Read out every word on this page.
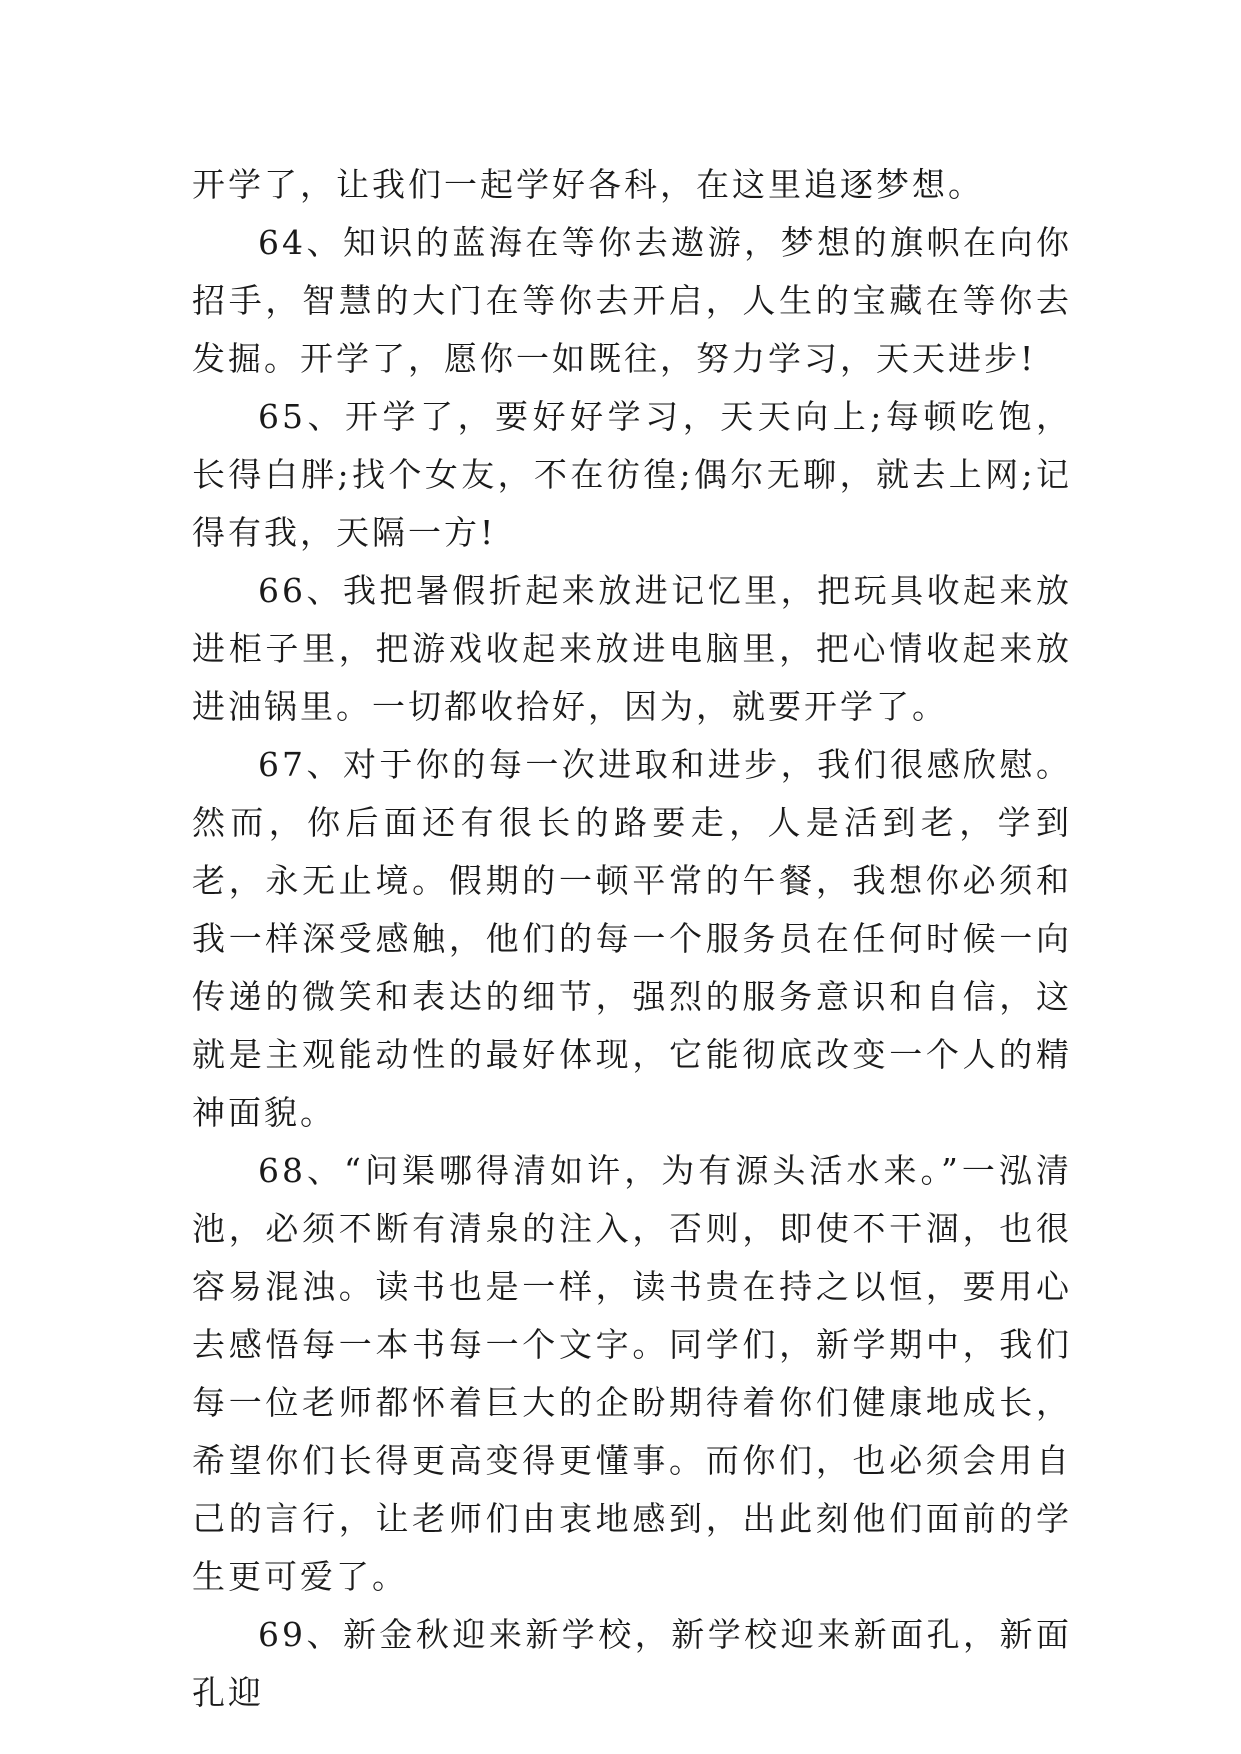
开学了，让我们一起学好各科，在这里追逐梦想。

64、知识的蓝海在等你去遨游，梦想的旗帜在向你招手，智慧的大门在等你去开启，人生的宝藏在等你去发掘。开学了，愿你一如既往，努力学习，天天进步!

65、开学了，要好好学习，天天向上;每顿吃饱，长得白胖;找个女友，不在彷徨;偶尔无聊，就去上网;记得有我，天隔一方!

66、我把暑假折起来放进记忆里，把玩具收起来放进柜子里，把游戏收起来放进电脑里，把心情收起来放进油锅里。一切都收拾好，因为，就要开学了。

67、对于你的每一次进取和进步，我们很感欣慰。然而，你后面还有很长的路要走，人是活到老，学到老，永无止境。假期的一顿平常的午餐，我想你必须和我一样深受感触，他们的每一个服务员在任何时候一向传递的微笑和表达的细节，强烈的服务意识和自信，这就是主观能动性的最好体现，它能彻底改变一个人的精神面貌。

68、“问渠哪得清如许，为有源头活水来。”一泓清池，必须不断有清泉的注入，否则，即使不干涸，也很容易混浊。读书也是一样，读书贵在持之以恒，要用心去感悟每一本书每一个文字。同学们，新学期中，我们每一位老师都怀着巨大的企盼期待着你们健康地成长，希望你们长得更高变得更懂事。而你们，也必须会用自己的言行，让老师们由衷地感到，出此刻他们面前的学生更可爱了。

69、新金秋迎来新学校，新学校迎来新面孔，新面孔迎
